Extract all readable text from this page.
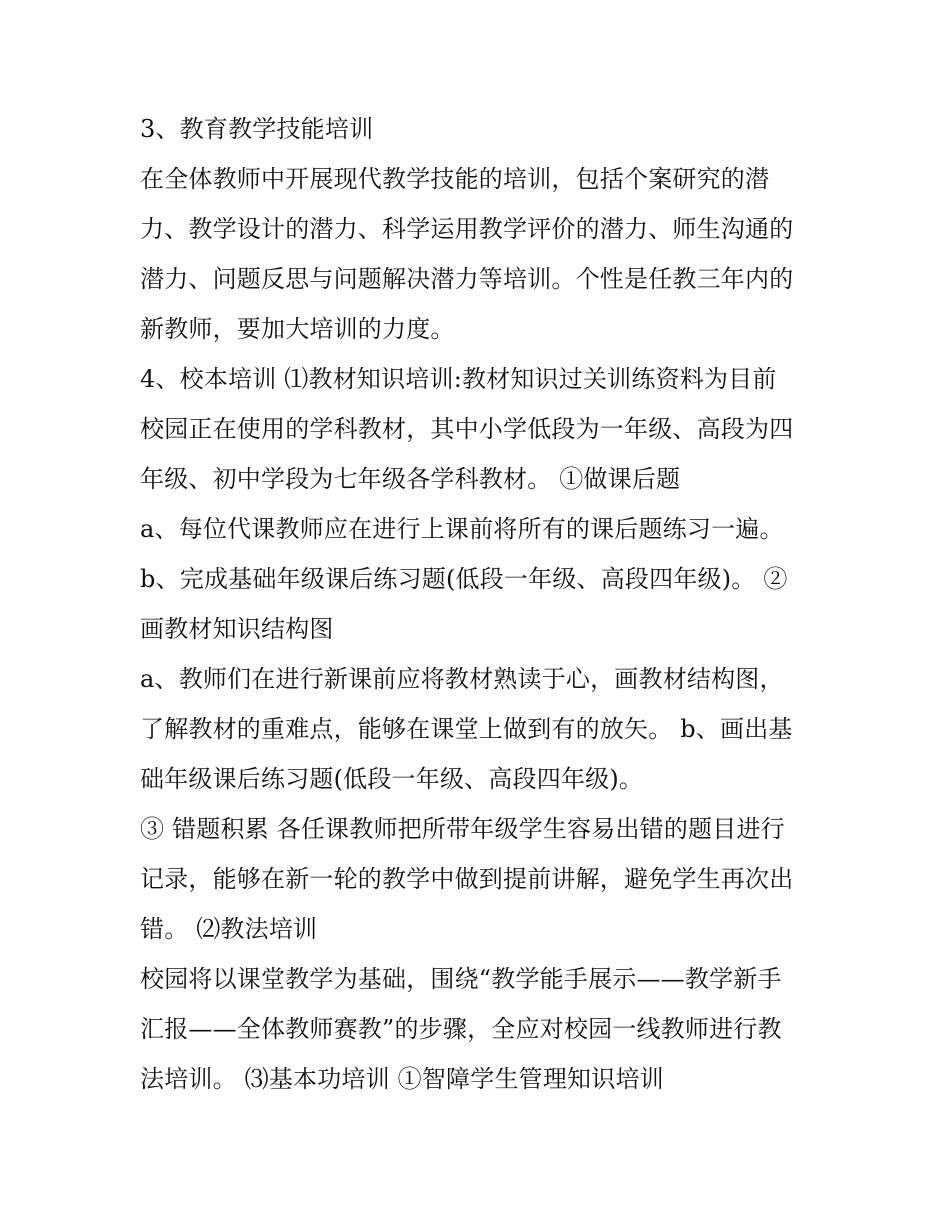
3、教育教学技能培训
在全体教师中开展现代教学技能的培训，包括个案研究的潜
力、教学设计的潜力、科学运用教学评价的潜力、师生沟通的
潜力、问题反思与问题解决潜力等培训。个性是任教三年内的
新教师，要加大培训的力度。
4、校本培训 ⑴教材知识培训:教材知识过关训练资料为目前
校园正在使用的学科教材，其中小学低段为一年级、高段为四
年级、初中学段为七年级各学科教材。 ①做课后题
a、每位代课教师应在进行上课前将所有的课后题练习一遍。
b、完成基础年级课后练习题(低段一年级、高段四年级)。 ②
画教材知识结构图
a、教师们在进行新课前应将教材熟读于心，画教材结构图，
了解教材的重难点，能够在课堂上做到有的放矢。 b、画出基
础年级课后练习题(低段一年级、高段四年级)。
③ 错题积累 各任课教师把所带年级学生容易出错的题目进行
记录，能够在新一轮的教学中做到提前讲解，避免学生再次出
错。 ⑵教法培训
校园将以课堂教学为基础，围绕“教学能手展示——教学新手
汇报——全体教师赛教”的步骤，全应对校园一线教师进行教
法培训。 ⑶基本功培训 ①智障学生管理知识培训
